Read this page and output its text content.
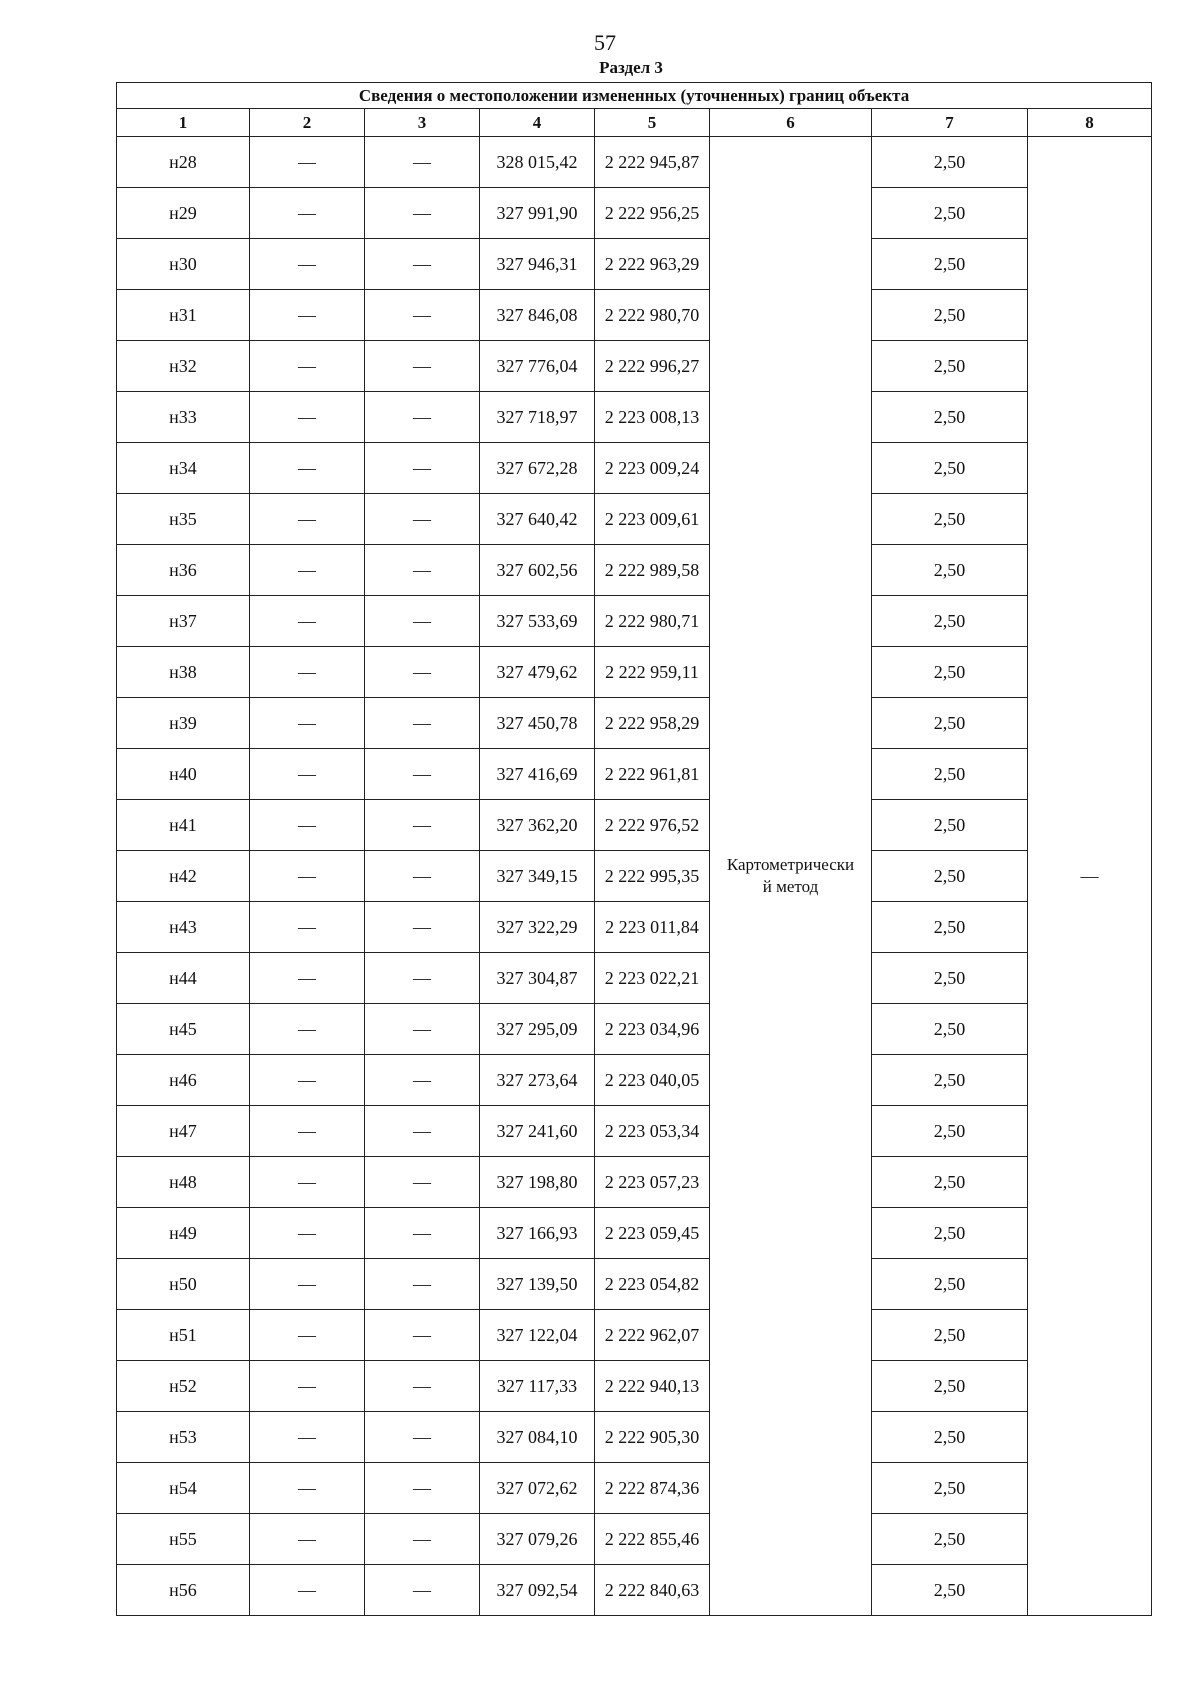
57
Раздел 3
Сведения о местоположении измененных (уточненных) границ объекта							
1	2	3	4	5	6	7	8
н28	—	—	328 015,42	2 222 945,87	Картометрически
й метод	2,50	—
н29	—	—	327 991,90	2 222 956,25		2,50	
н30	—	—	327 946,31	2 222 963,29		2,50	
н31	—	—	327 846,08	2 222 980,70		2,50	
н32	—	—	327 776,04	2 222 996,27		2,50	
н33	—	—	327 718,97	2 223 008,13		2,50	
н34	—	—	327 672,28	2 223 009,24		2,50	
н35	—	—	327 640,42	2 223 009,61		2,50	
н36	—	—	327 602,56	2 222 989,58		2,50	
н37	—	—	327 533,69	2 222 980,71		2,50	
н38	—	—	327 479,62	2 222 959,11		2,50	
н39	—	—	327 450,78	2 222 958,29		2,50	
н40	—	—	327 416,69	2 222 961,81		2,50	
н41	—	—	327 362,20	2 222 976,52		2,50	
н42	—	—	327 349,15	2 222 995,35		2,50	
н43	—	—	327 322,29	2 223 011,84		2,50	
н44	—	—	327 304,87	2 223 022,21		2,50	
н45	—	—	327 295,09	2 223 034,96		2,50	
н46	—	—	327 273,64	2 223 040,05		2,50	
н47	—	—	327 241,60	2 223 053,34		2,50	
н48	—	—	327 198,80	2 223 057,23		2,50	
н49	—	—	327 166,93	2 223 059,45		2,50	
н50	—	—	327 139,50	2 223 054,82		2,50	
н51	—	—	327 122,04	2 222 962,07		2,50	
н52	—	—	327 117,33	2 222 940,13		2,50	
н53	—	—	327 084,10	2 222 905,30		2,50	
н54	—	—	327 072,62	2 222 874,36		2,50	
н55	—	—	327 079,26	2 222 855,46		2,50	
н56	—	—	327 092,54	2 222 840,63		2,50	
